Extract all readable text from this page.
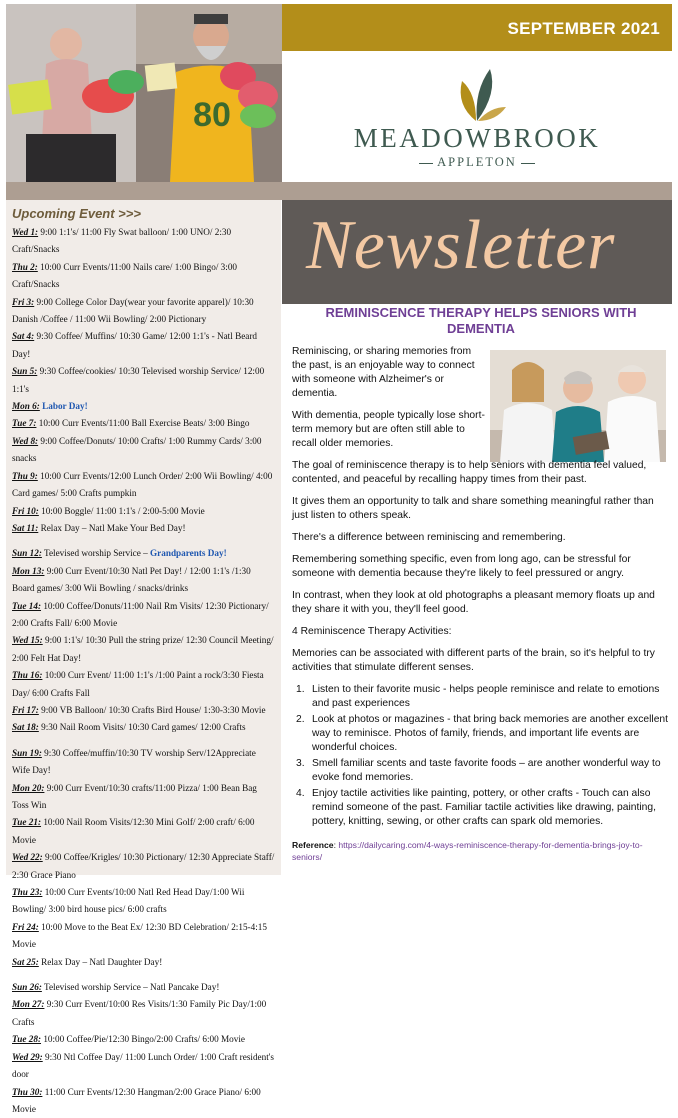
80
SEPTEMBER 2021
MEADOWBROOK
APPLETON
Upcoming Event >>>
Wed 1: 9:00 1:1's/ 11:00 Fly Swat balloon/ 1:00 UNO/ 2:30 Craft/Snacks
Thu 2: 10:00 Curr Events/11:00 Nails care/ 1:00 Bingo/ 3:00 Craft/Snacks
Fri 3: 9:00 College Color Day(wear your favorite apparel)/ 10:30 Danish /Coffee / 11:00 Wii Bowling/ 2:00 Pictionary
Sat 4: 9:30 Coffee/ Muffins/ 10:30 Game/ 12:00 1:1's - Natl Beard Day!
Sun 5: 9:30 Coffee/cookies/ 10:30 Televised worship Service/ 12:00 1:1's
Mon 6: Labor Day!
Tue 7: 10:00 Curr Events/11:00 Ball Exercise Beats/ 3:00 Bingo
Wed 8: 9:00 Coffee/Donuts/ 10:00 Crafts/ 1:00 Rummy Cards/ 3:00 snacks
Thu 9: 10:00 Curr Events/12:00 Lunch Order/ 2:00 Wii Bowling/ 4:00 Card games/ 5:00 Crafts pumpkin
Fri 10: 10:00 Boggle/ 11:00 1:1's / 2:00-5:00 Movie
Sat 11: Relax Day – Natl Make Your Bed Day!
Sun 12: Televised worship Service – Grandparents Day!
Mon 13: 9:00 Curr Event/10:30 Natl Pet Day! / 12:00 1:1's /1:30 Board games/ 3:00 Wii Bowling / snacks/drinks
Tue 14: 10:00 Coffee/Donuts/11:00 Nail Rm Visits/ 12:30 Pictionary/ 2:00 Crafts Fall/ 6:00 Movie
Wed 15: 9:00 1:1's/ 10:30 Pull the string prize/ 12:30 Council Meeting/ 2:00 Felt Hat Day!
Thu 16: 10:00 Curr Event/ 11:00 1:1's /1:00 Paint a rock/3:30 Fiesta Day/ 6:00 Crafts Fall
Fri 17: 9:00 VB Balloon/ 10:30 Crafts Bird House/ 1:30-3:30 Movie
Sat 18: 9:30 Nail Room Visits/ 10:30 Card games/ 12:00 Crafts
Sun 19: 9:30 Coffee/muffin/10:30 TV worship Serv/12Appreciate Wife Day!
Mon 20: 9:00 Curr Event/10:30 crafts/11:00 Pizza/ 1:00 Bean Bag Toss Win
Tue 21: 10:00 Nail Room Visits/12:30 Mini Golf/ 2:00 craft/ 6:00 Movie
Wed 22: 9:00 Coffee/Krigles/ 10:30 Pictionary/ 12:30 Appreciate Staff/ 2:30 Grace Piano
Thu 23: 10:00 Curr Events/10:00 Natl Red Head Day/1:00 Wii Bowling/ 3:00 bird house pics/ 6:00 crafts
Fri 24: 10:00 Move to the Beat Ex/ 12:30 BD Celebration/ 2:15-4:15 Movie
Sat 25: Relax Day – Natl Daughter Day!
Sun 26: Televised worship Service – Natl Pancake Day!
Mon 27: 9:30 Curr Event/10:00 Res Visits/1:30 Family Pic Day/1:00 Crafts
Tue 28: 10:00 Coffee/Pie/12:30 Bingo/2:00 Crafts/ 6:00 Movie
Wed 29: 9:30 Ntl Coffee Day/ 11:00 Lunch Order/ 1:00 Craft resident's door
Thu 30: 11:00 Curr Events/12:30 Hangman/2:00 Grace Piano/ 6:00 Movie
Newsletter
REMINISCENCE THERAPY HELPS SENIORS WITH DEMENTIA

Reminiscing, or sharing memories from the past, is an enjoyable way to connect with someone with Alzheimer's or dementia.

With dementia, people typically lose short-term memory but are often still able to recall older memories.

The goal of reminiscence therapy is to help seniors with dementia feel valued, contented, and peaceful by recalling happy times from their past.

It gives them an opportunity to talk and share something meaningful rather than just listen to others speak.

There's a difference between reminiscing and remembering.

Remembering something specific, even from long ago, can be stressful for someone with dementia because they're likely to feel pressured or angry.

In contrast, when they look at old photographs a pleasant memory floats up and they share it with you, they'll feel good.

4 Reminiscence Therapy Activities:

Memories can be associated with different parts of the brain, so it's helpful to try activities that stimulate different senses.

1. Listen to their favorite music - helps people reminisce and relate to emotions and past experiences
2. Look at photos or magazines - that bring back memories are another excellent way to reminisce. Photos of family, friends, and important life events are wonderful choices.
3. Smell familiar scents and taste favorite foods – are another wonderful way to evoke fond memories.
4. Enjoy tactile activities like painting, pottery, or other crafts - Touch can also remind someone of the past. Familiar tactile activities like drawing, painting, pottery, knitting, sewing, or other crafts can spark old memories.

Reference: https://dailycaring.com/4-ways-reminiscence-therapy-for-dementia-brings-joy-to-seniors/
